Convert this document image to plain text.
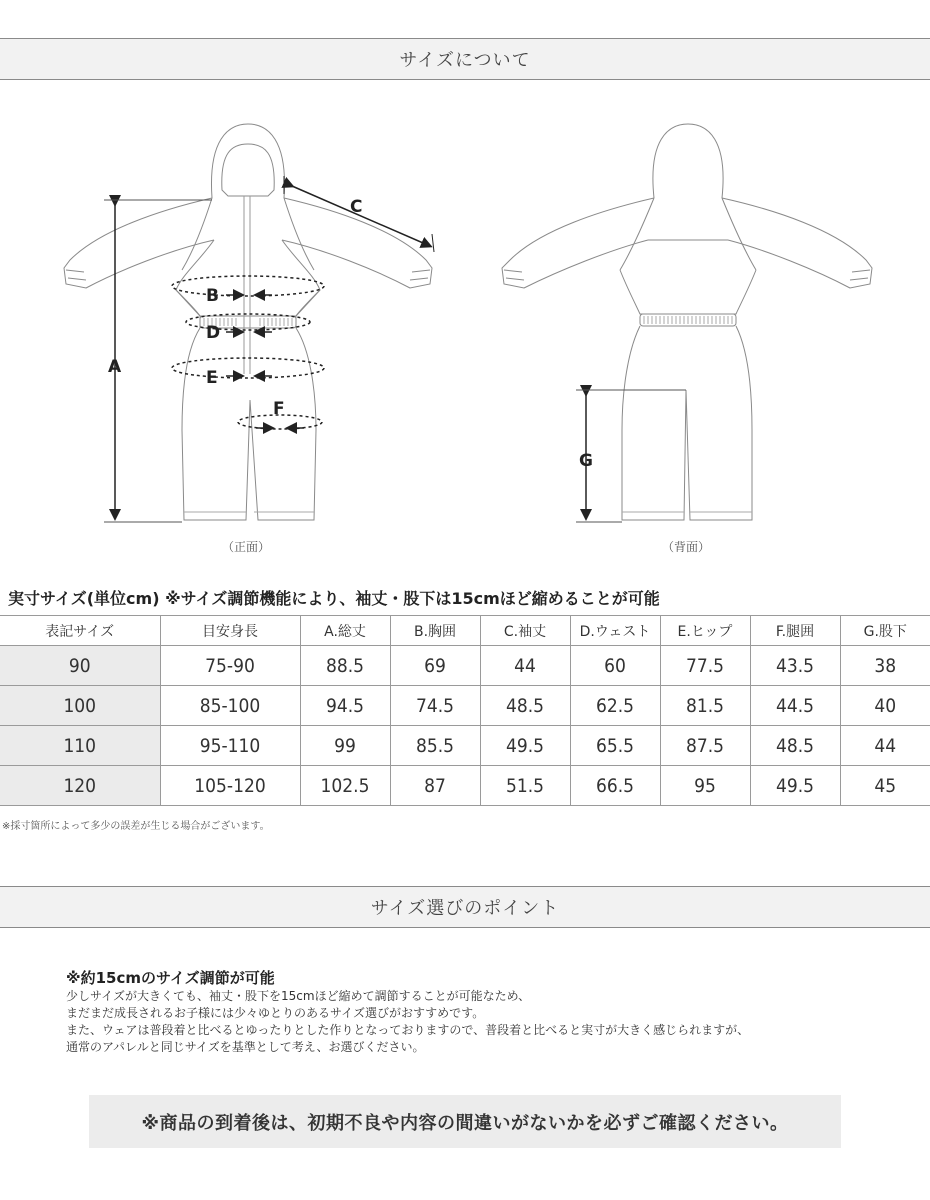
サイズについて
A
B
C
D
E
F
G
（正面）	（背面）
実寸サイズ(単位cm) ※サイズ調節機能により、袖丈・股下は15cmほど縮めることが可能
表記サイズ	目安身長	A.総丈	B.胸囲	C.袖丈	D.ウェスト	E.ヒップ	F.腿囲	G.股下
90	75-90	88.5	69	44	60	77.5	43.5	38
100	85-100	94.5	74.5	48.5	62.5	81.5	44.5	40
110	95-110	99	85.5	49.5	65.5	87.5	48.5	44
120	105-120	102.5	87	51.5	66.5	95	49.5	45
※採寸箇所によって多少の誤差が生じる場合がございます。
サイズ選びのポイント
※約15cmのサイズ調節が可能
少しサイズが大きくても、袖丈・股下を15cmほど縮めて調節することが可能なため、
まだまだ成長されるお子様には少々ゆとりのあるサイズ選びがおすすめです。
また、ウェアは普段着と比べるとゆったりとした作りとなっておりますので、普段着と比べると実寸が大きく感じられますが、
通常のアパレルと同じサイズを基準として考え、お選びください。
※商品の到着後は、初期不良や内容の間違いがないかを必ずご確認ください。
